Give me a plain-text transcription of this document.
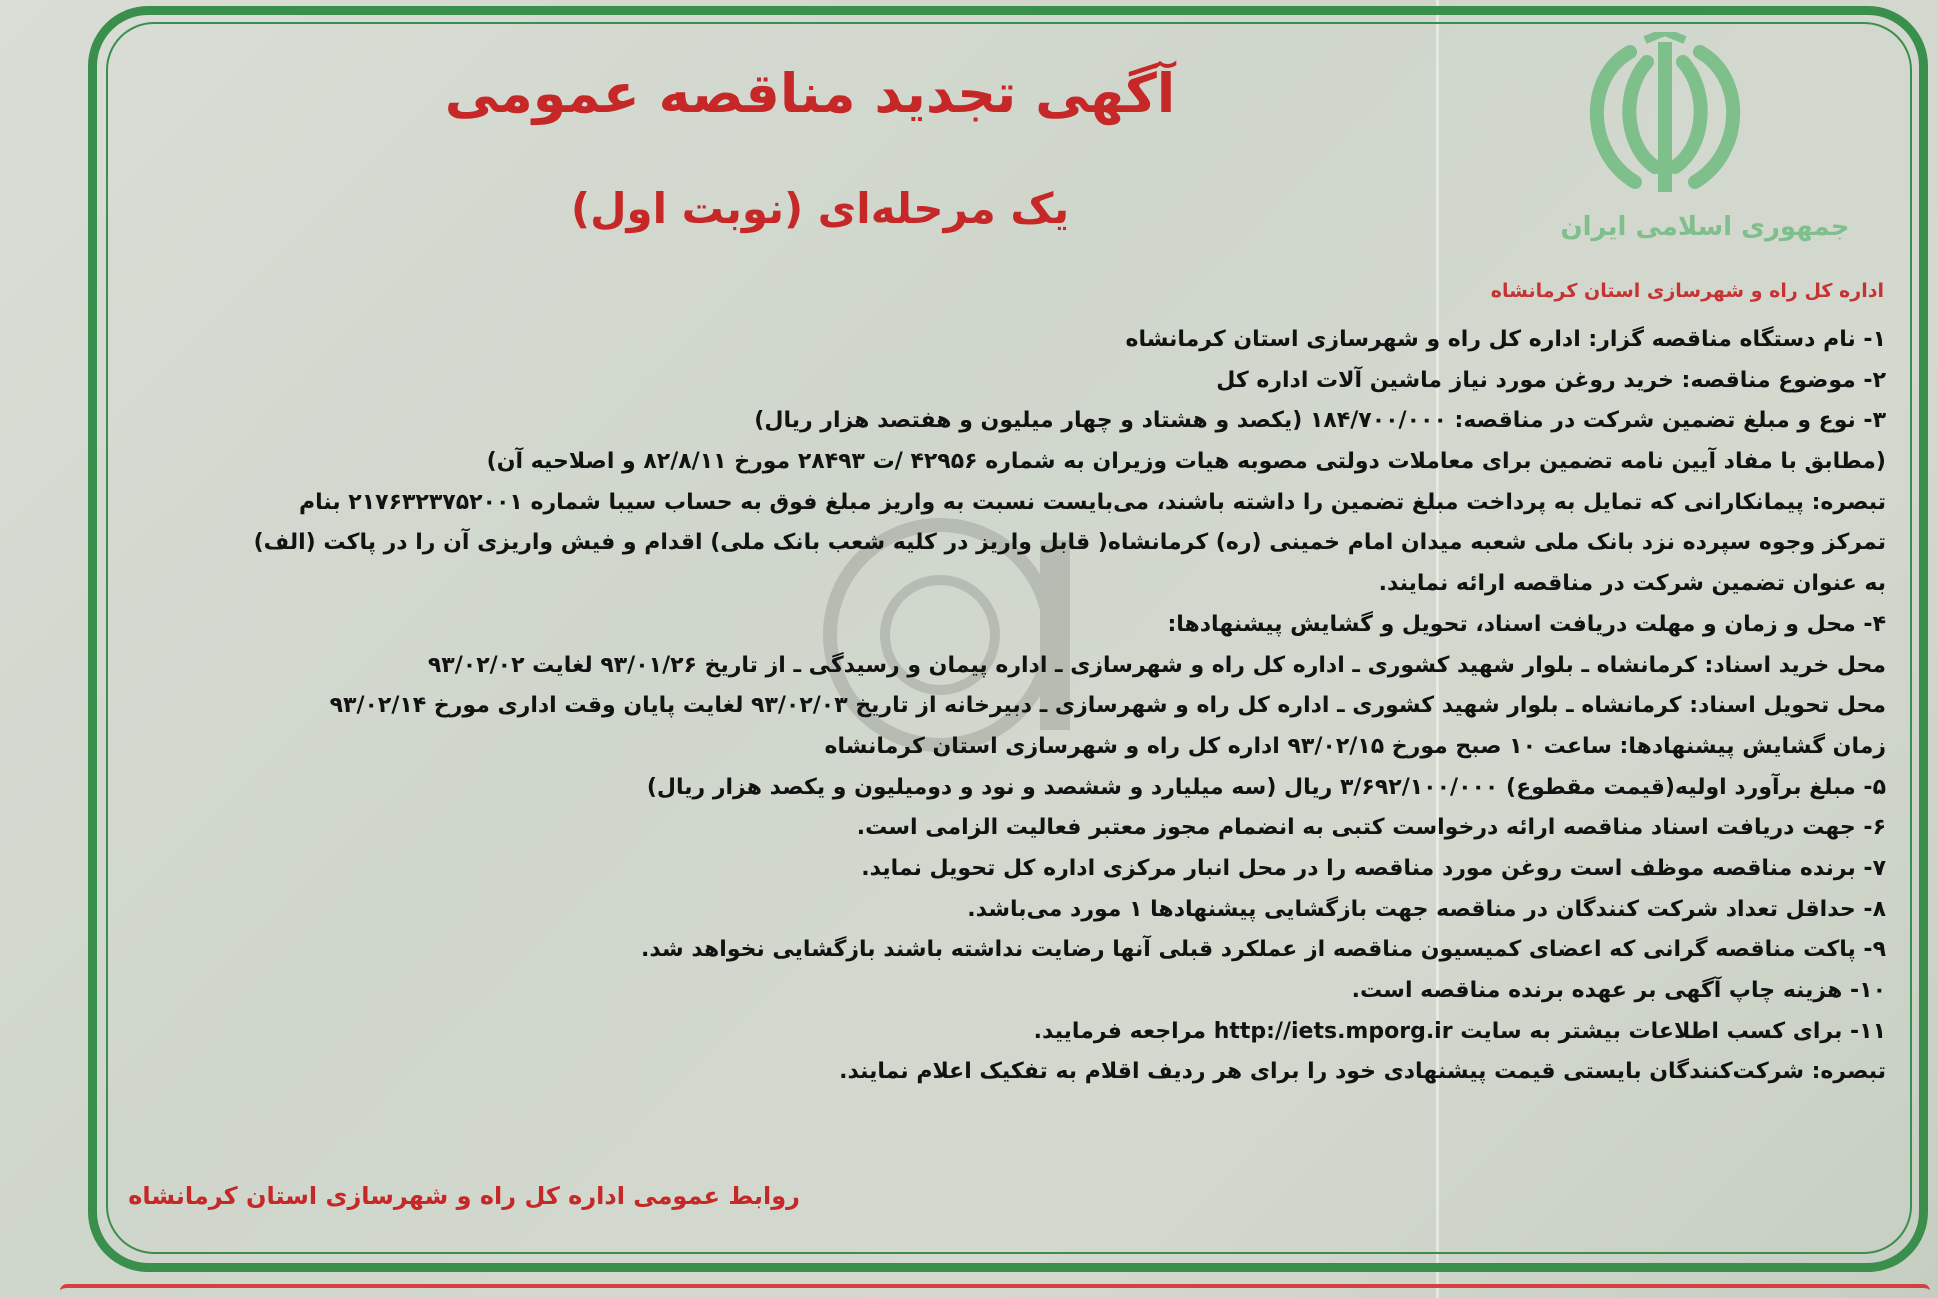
جمهوری اسلامی ایران
اداره کل راه و شهرسازی استان کرمانشاه
آگهی تجدید مناقصه عمومی
یک مرحله‌ای (نوبت اول)
۱- نام دستگاه مناقصه گزار: اداره کل راه و شهرسازی استان کرمانشاه
۲- موضوع مناقصه: خرید روغن مورد نیاز ماشین آلات اداره کل
۳- نوع و مبلغ تضمین شرکت در مناقصه: ۱۸۴/۷۰۰/۰۰۰ (یکصد و هشتاد و چهار میلیون و هفتصد هزار ریال)
(مطابق با مفاد آیین نامه تضمین برای معاملات دولتی مصوبه هیات وزیران به شماره ۴۲۹۵۶ /ت ۲۸۴۹۳ مورخ ۸۲/۸/۱۱ و اصلاحیه آن)
تبصره: پیمانکارانی که تمایل به پرداخت مبلغ تضمین را داشته باشند، می‌بایست نسبت به واریز مبلغ فوق به حساب سیبا شماره ۲۱۷۶۳۲۳۷۵۲۰۰۱ بنام
تمرکز وجوه سپرده نزد بانک ملی شعبه میدان امام خمینی (ره) کرمانشاه( قابل واریز در کلیه شعب بانک ملی) اقدام و فیش واریزی آن را در پاکت (الف)
به عنوان تضمین شرکت در مناقصه ارائه نمایند.
۴- محل و زمان و مهلت دریافت اسناد، تحویل و گشایش پیشنهادها:
محل خرید اسناد: کرمانشاه ـ بلوار شهید کشوری ـ اداره کل راه و شهرسازی ـ اداره پیمان و رسیدگی ـ از تاریخ ۹۳/۰۱/۲۶ لغایت ۹۳/۰۲/۰۲
محل تحویل اسناد: کرمانشاه ـ بلوار شهید کشوری ـ اداره کل راه و شهرسازی ـ دبیرخانه از تاریخ ۹۳/۰۲/۰۳ لغایت پایان وقت اداری مورخ ۹۳/۰۲/۱۴
زمان گشایش پیشنهادها: ساعت ۱۰ صبح مورخ ۹۳/۰۲/۱۵ اداره کل راه و شهرسازی استان کرمانشاه
۵- مبلغ برآورد اولیه(قیمت مقطوع) ۳/۶۹۲/۱۰۰/۰۰۰ ریال (سه میلیارد و ششصد و نود و دومیلیون و یکصد هزار ریال)
۶- جهت دریافت اسناد مناقصه ارائه درخواست کتبی به انضمام مجوز معتبر فعالیت الزامی است.
۷- برنده مناقصه موظف است روغن مورد مناقصه را در محل انبار مرکزی اداره کل تحویل نماید.
۸- حداقل تعداد شرکت کنندگان در مناقصه جهت بازگشایی پیشنهادها ۱ مورد می‌باشد.
۹- پاکت مناقصه گرانی که اعضای کمیسیون مناقصه از عملکرد قبلی آنها رضایت نداشته باشند بازگشایی نخواهد شد.
۱۰- هزینه چاپ آگهی بر عهده برنده مناقصه است.
۱۱- برای کسب اطلاعات بیشتر به سایت http://iets.mporg.ir مراجعه فرمایید.
تبصره: شرکت‌کنندگان بایستی قیمت پیشنهادی خود را برای هر ردیف اقلام به تفکیک اعلام نمایند.
روابط عمومی اداره کل راه و شهرسازی استان کرمانشاه
